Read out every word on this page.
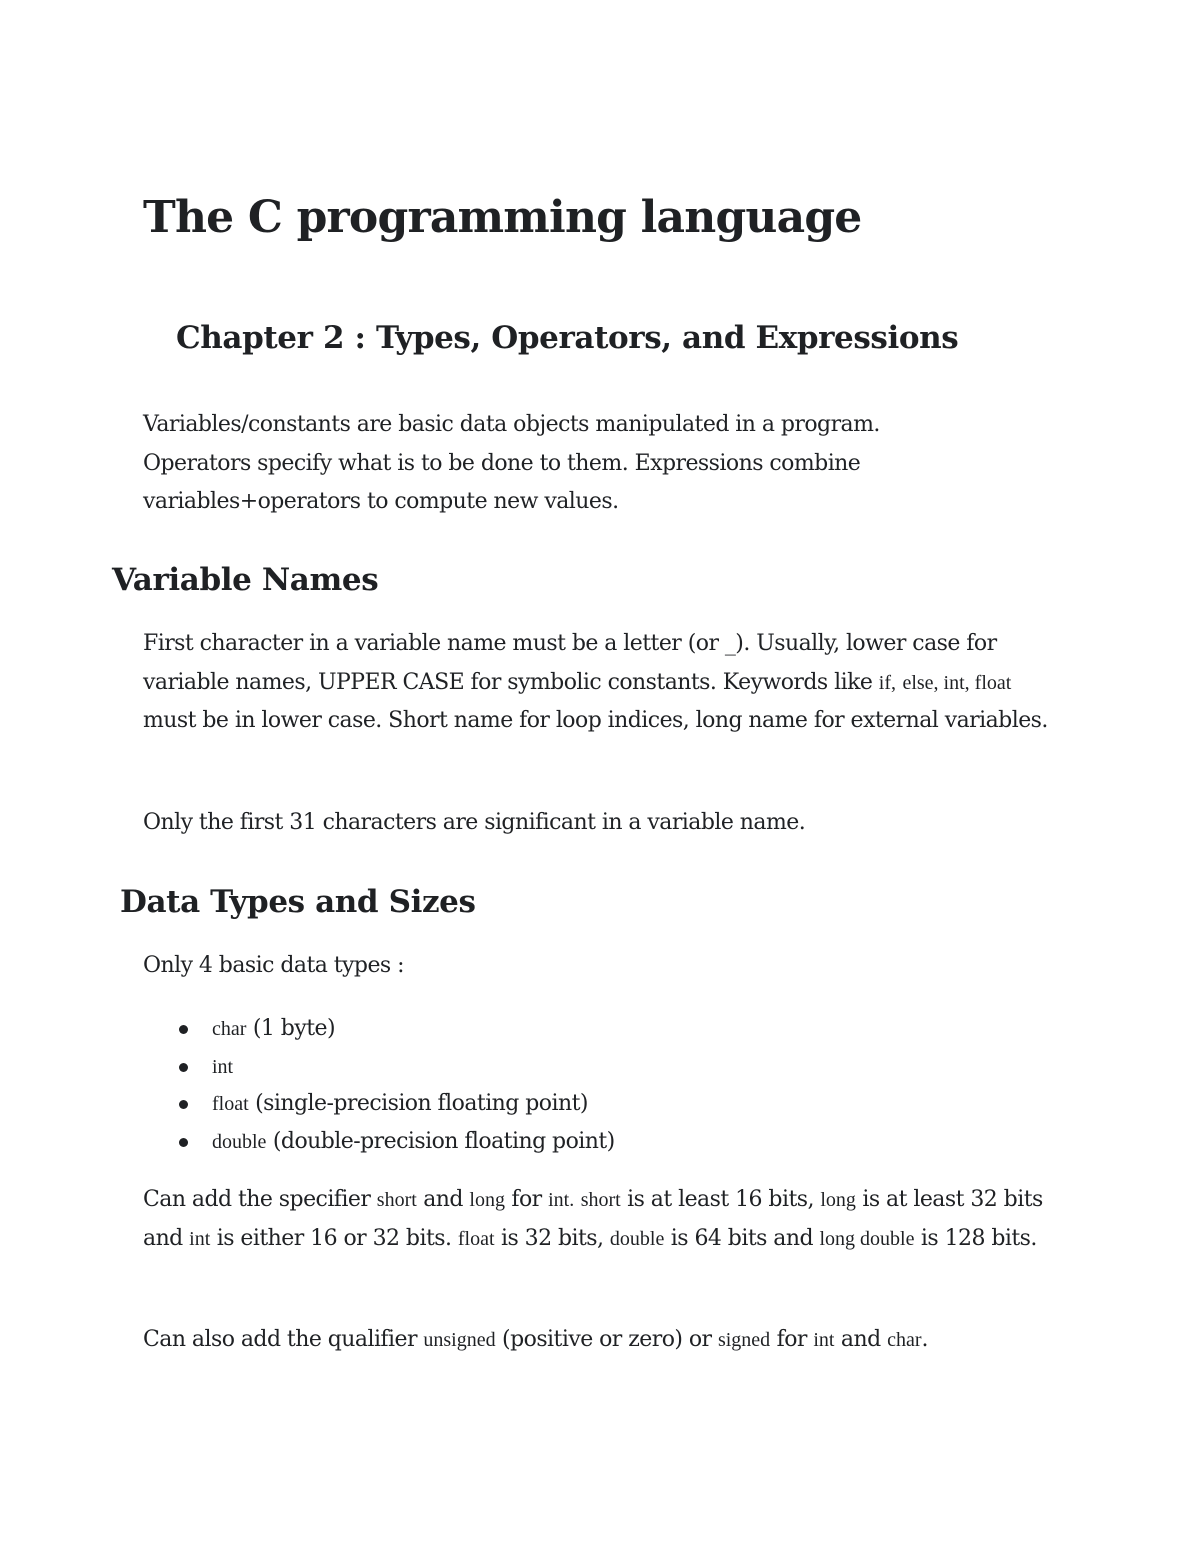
The C programming language
Chapter 2 : Types, Operators, and Expressions

Variables/constants are basic data objects manipulated in a program.
Operators specify what is to be done to them. Expressions combine
variables+operators to compute new values.

Variable Names

First character in a variable name must be a letter (or _). Usually, lower case for variable names, UPPER CASE for symbolic constants. Keywords like if, else, int, float must be in lower case. Short name for loop indices, long name for external variables.

Only the first 31 characters are significant in a variable name.

Data Types and Sizes

Only 4 basic data types :

char (1 byte)
int
float (single-precision floating point)
double (double-precision floating point)

Can add the specifier short and long for int. short is at least 16 bits, long is at least 32 bits and int is either 16 or 32 bits. float is 32 bits, double is 64 bits and long double is 128 bits.

Can also add the qualifier unsigned (positive or zero) or signed for int and char.
